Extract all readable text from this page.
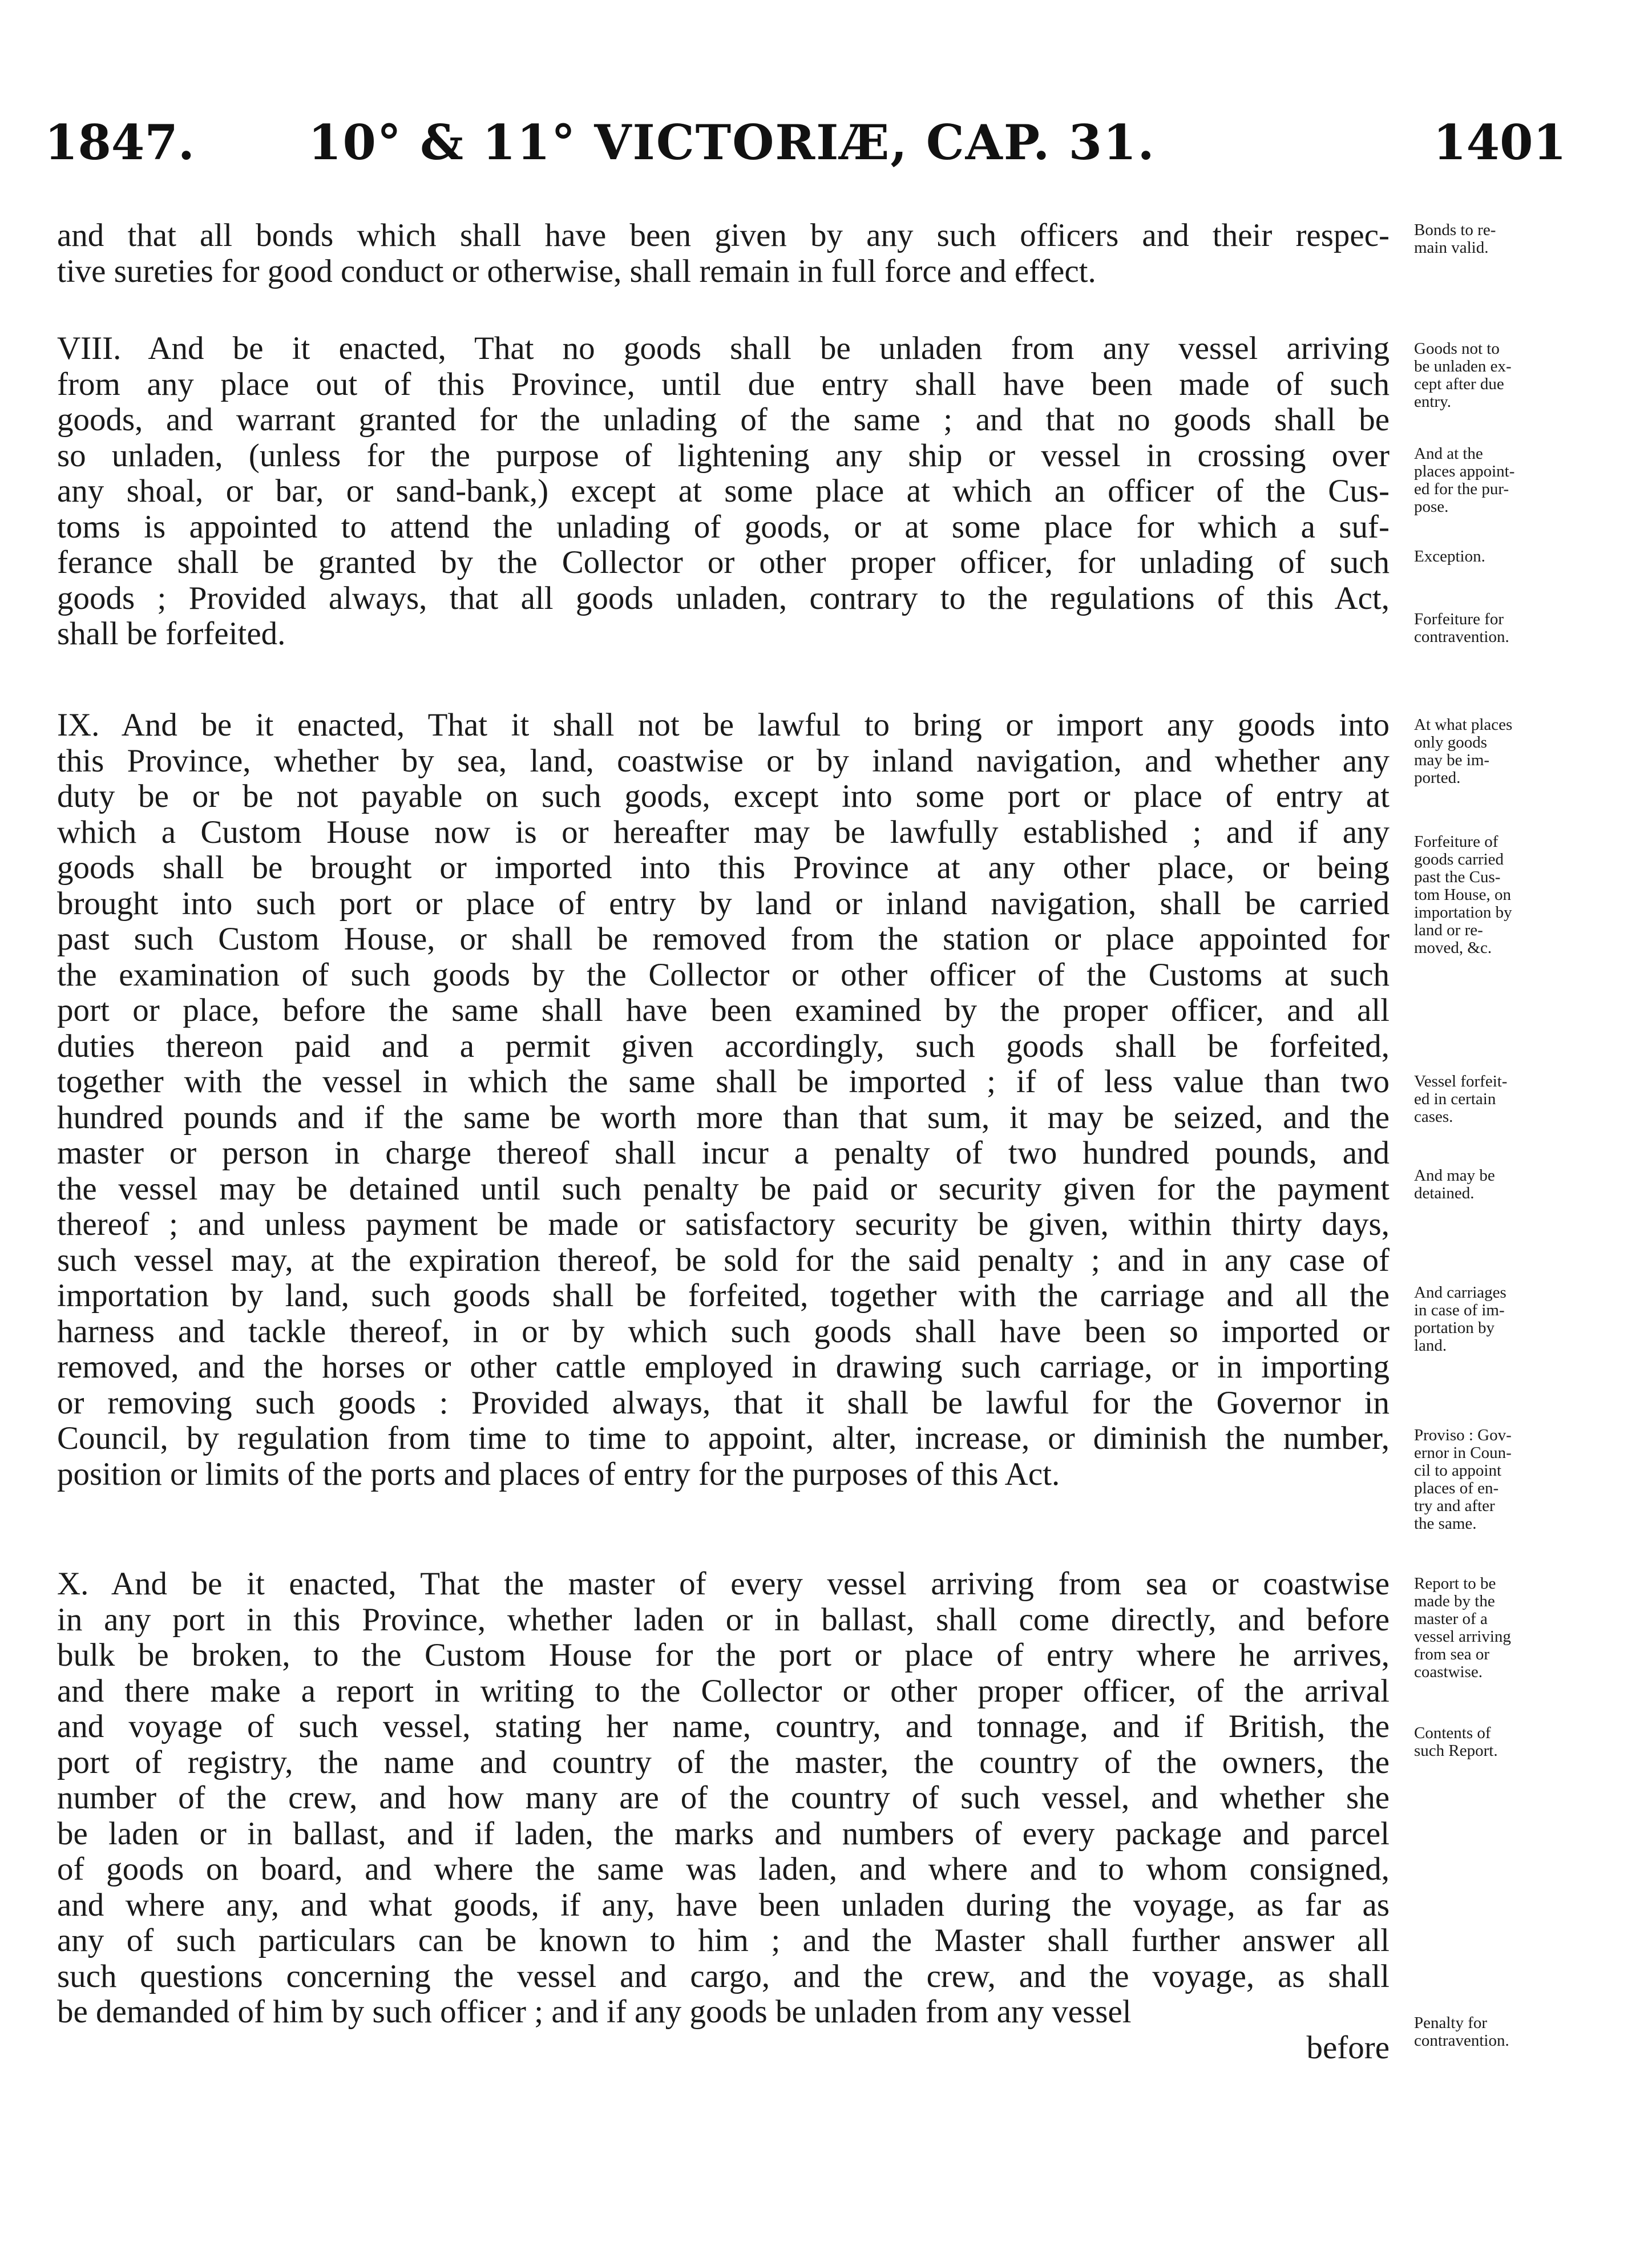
1847. 10° & 11° VICTORIÆ, CAP. 31.	1401
and that all bonds which shall have been given by any such officers and their respec-
tive sureties for good conduct or otherwise, shall remain in full force and effect.
VIII. And be it enacted, That no goods shall be unladen from any vessel arriving
from any place out of this Province, until due entry shall have been made of such
goods, and warrant granted for the unlading of the same ; and that no goods shall be
so unladen, (unless for the purpose of lightening any ship or vessel in crossing over
any shoal, or bar, or sand-bank,) except at some place at which an officer of the Cus-
toms is appointed to attend the unlading of goods, or at some place for which a suf-
ferance shall be granted by the Collector or other proper officer, for unlading of such
goods ; Provided always, that all goods unladen, contrary to the regulations of this Act,
shall be forfeited.
IX. And be it enacted, That it shall not be lawful to bring or import any goods into
this Province, whether by sea, land, coastwise or by inland navigation, and whether any
duty be or be not payable on such goods, except into some port or place of entry at
which a Custom House now is or hereafter may be lawfully established ; and if any
goods shall be brought or imported into this Province at any other place, or being
brought into such port or place of entry by land or inland navigation, shall be carried
past such Custom House, or shall be removed from the station or place appointed for
the examination of such goods by the Collector or other officer of the Customs at such
port or place, before the same shall have been examined by the proper officer, and all
duties thereon paid and a permit given accordingly, such goods shall be forfeited,
together with the vessel in which the same shall be imported ; if of less value than two
hundred pounds and if the same be worth more than that sum, it may be seized, and the
master or person in charge thereof shall incur a penalty of two hundred pounds, and
the vessel may be detained until such penalty be paid or security given for the payment
thereof ; and unless payment be made or satisfactory security be given, within thirty days,
such vessel may, at the expiration thereof, be sold for the said penalty ; and in any case of
importation by land, such goods shall be forfeited, together with the carriage and all the
harness and tackle thereof, in or by which such goods shall have been so imported or
removed, and the horses or other cattle employed in drawing such carriage, or in importing
or removing such goods : Provided always, that it shall be lawful for the Governor in
Council, by regulation from time to time to appoint, alter, increase, or diminish the number,
position or limits of the ports and places of entry for the purposes of this Act.
X. And be it enacted, That the master of every vessel arriving from sea or coastwise
in any port in this Province, whether laden or in ballast, shall come directly, and before
bulk be broken, to the Custom House for the port or place of entry where he arrives,
and there make a report in writing to the Collector or other proper officer, of the arrival
and voyage of such vessel, stating her name, country, and tonnage, and if British, the
port of registry, the name and country of the master, the country of the owners, the
number of the crew, and how many are of the country of such vessel, and whether she
be laden or in ballast, and if laden, the marks and numbers of every package and parcel
of goods on board, and where the same was laden, and where and to whom consigned,
and where any, and what goods, if any, have been unladen during the voyage, as far as
any of such particulars can be known to him ; and the Master shall further answer all
such questions concerning the vessel and cargo, and the crew, and the voyage, as shall
be demanded of him by such officer ; and if any goods be unladen from any vessel
before
Bonds to re-
main valid.
Goods not to
be unladen ex-
cept after due
entry.
And at the
places appoint-
ed for the pur-
pose.
Exception.
Forfeiture for
contravention.
At what places
only goods
may be im-
ported.
Forfeiture of
goods carried
past the Cus-
tom House, on
importation by
land or re-
moved, &c.
Vessel forfeit-
ed in certain
cases.
And may be
detained.
And carriages
in case of im-
portation by
land.
Proviso : Gov-
ernor in Coun-
cil to appoint
places of en-
try and after
the same.
Report to be
made by the
master of a
vessel arriving
from sea or
coastwise.
Contents of
such Report.
Penalty for
contravention.
